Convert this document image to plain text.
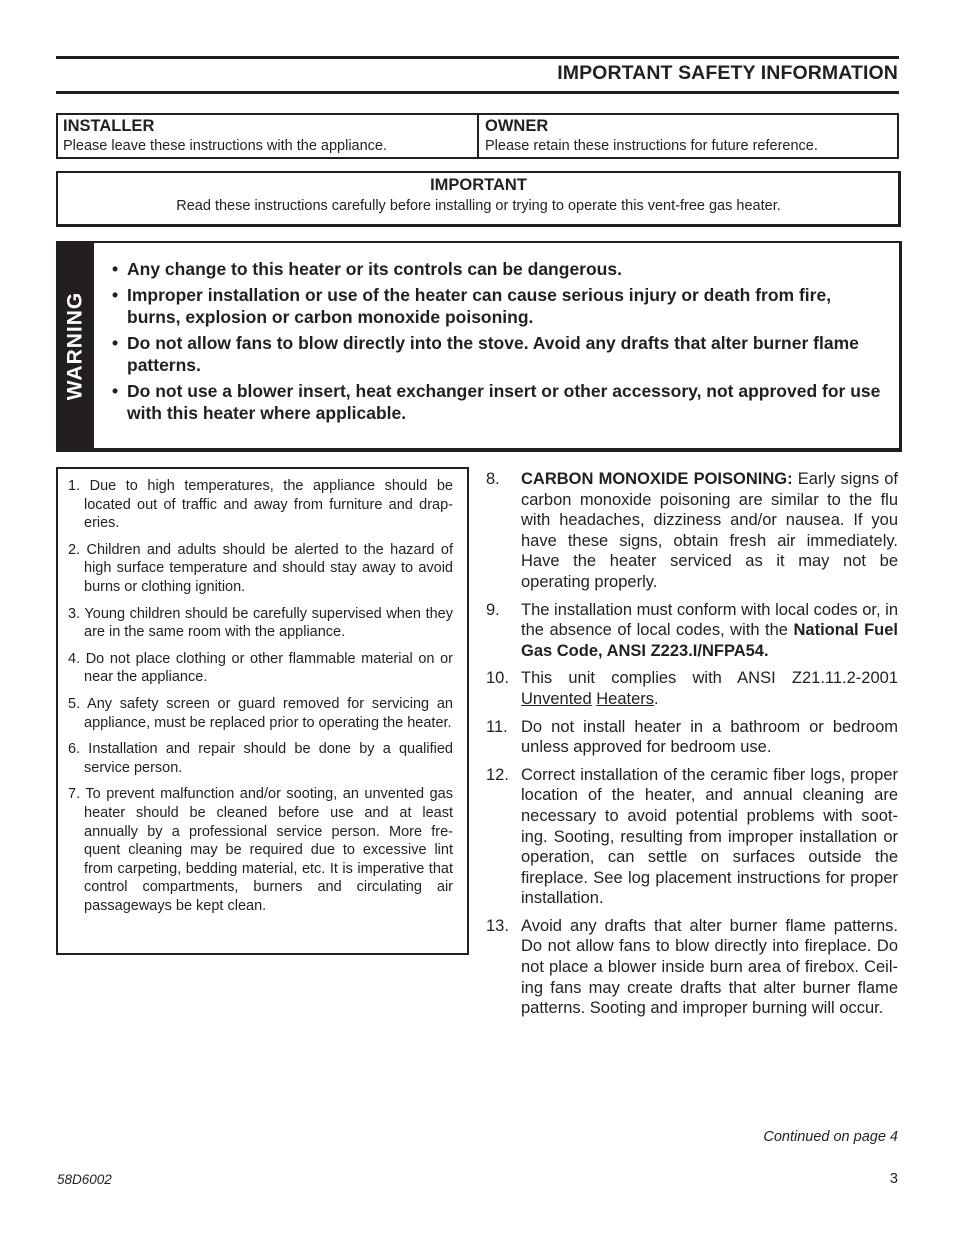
IMPORTANT SAFETY INFORMATION
INSTALLER
Please leave these instructions with the appliance.
OWNER
Please retain these instructions for future reference.
IMPORTANT
Read these instructions carefully before installing or trying to operate this vent-free gas heater.
WARNING
• Any change to this heater or its controls can be dangerous.
• Improper installation or use of the heater can cause serious injury or death from fire, burns, explosion or carbon monoxide poisoning.
• Do not allow fans to blow directly into the stove. Avoid any drafts that alter burner flame patterns.
• Do not use a blower insert, heat exchanger insert or other accessory, not approved for use with this heater where applicable.
1. Due to high temperatures, the appliance should be located out of traffic and away from furniture and drap-eries.
2. Children and adults should be alerted to the hazard of high surface temperature and should stay away to avoid burns or clothing ignition.
3. Young children should be carefully supervised when they are in the same room with the appliance.
4. Do not place clothing or other flammable material on or near the appliance.
5. Any safety screen or guard removed for servicing an appliance, must be replaced prior to operating the heater.
6. Installation and repair should be done by a qualified service person.
7. To prevent malfunction and/or sooting, an unvented gas heater should be cleaned before use and at least annually by a professional service person. More fre-quent cleaning may be required due to excessive lint from carpeting, bedding material, etc. It is imperative that control compartments, burners and circulating air passageways be kept clean.
8. CARBON MONOXIDE POISONING: Early signs of carbon monoxide poisoning are similar to the flu with headaches, dizziness and/or nausea. If you have these signs, obtain fresh air immediately. Have the heater serviced as it may not be operating properly.
9. The installation must conform with local codes or, in the absence of local codes, with the National Fuel Gas Code, ANSI Z223.I/NFPA54.
10. This unit complies with ANSI Z21.11.2-2001 Unvented Heaters.
11. Do not install heater in a bathroom or bedroom unless approved for bedroom use.
12. Correct installation of the ceramic fiber logs, proper location of the heater, and annual cleaning are necessary to avoid potential problems with soot-ing. Sooting, resulting from improper installation or operation, can settle on surfaces outside the fireplace. See log placement instructions for proper installation.
13. Avoid any drafts that alter burner flame patterns. Do not allow fans to blow directly into fireplace. Do not place a blower inside burn area of firebox. Ceil-ing fans may create drafts that alter burner flame patterns. Sooting and improper burning will occur.
Continued on page 4
58D6002	3
